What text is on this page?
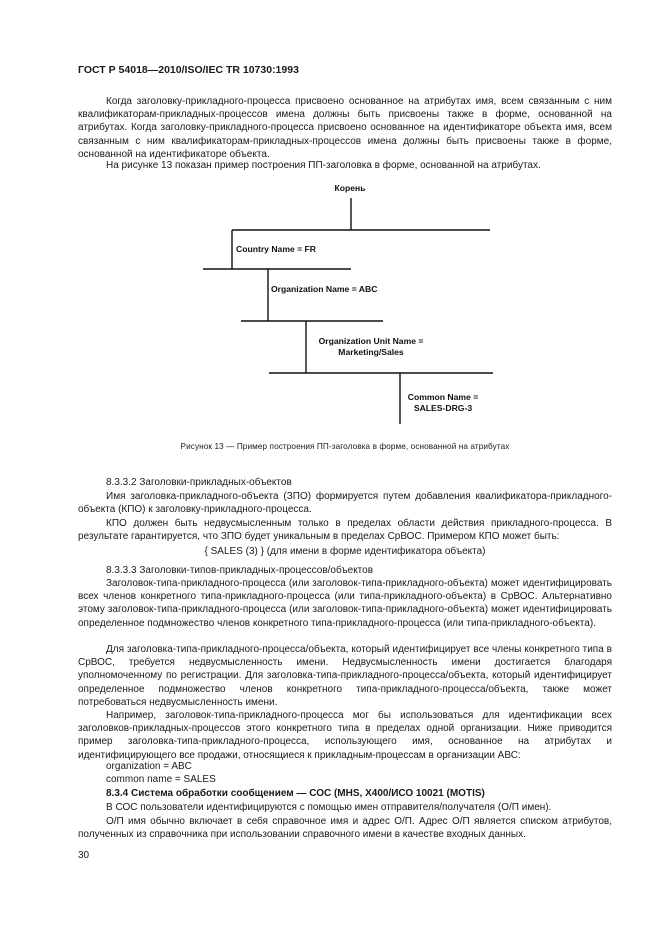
ГОСТ Р 54018—2010/ISO/IEC TR 10730:1993
Когда заголовку-прикладного-процесса присвоено основанное на атрибутах имя, всем связанным с ним квалификаторам-прикладных-процессов имена должны быть присвоены также в форме, основанной на атрибутах. Когда заголовку-прикладного-процесса присвоено основанное на идентификаторе объекта имя, всем связанным с ним квалификаторам-прикладных-процессов имена должны быть присвоены также в форме, основанной на идентификаторе объекта.
На рисунке 13 показан пример построения ПП-заголовка в форме, основанной на атрибутах.
Корень
Country Name = FR
Organization Name = ABC
Organization Unit Name =
Marketing/Sales
Common Name =
SALES-DRG-3
Рисунок 13 — Пример построения ПП-заголовка в форме, основанной на атрибутах
8.3.3.2 Заголовки-прикладных-объектов
Имя заголовка-прикладного-объекта (ЗПО) формируется путем добавления квалификатора-прикладного-объекта (КПО) к заголовку-прикладного-процесса.
КПО должен быть недвусмысленным только в пределах области действия прикладного-процесса. В результате гарантируется, что ЗПО будет уникальным в пределах СрВОС. Примером КПО может быть:
{ SALES (3) } (для имени в форме идентификатора объекта)
8.3.3.3 Заголовки-типов-прикладных-процессов/объектов
Заголовок-типа-прикладного-процесса (или заголовок-типа-прикладного-объекта) может идентифицировать всех членов конкретного типа-прикладного-процесса (или типа-прикладного-объекта) в СрВОС. Альтернативно этому заголовок-типа-прикладного-процесса (или заголовок-типа-прикладного-объекта) может идентифицировать определенное подмножество членов конкретного типа-прикладного-процесса (или типа-прикладного-объекта).
Для заголовка-типа-прикладного-процесса/объекта, который идентифицирует все члены конкретного типа в СрВОС, требуется недвусмысленность имени. Недвусмысленность имени достигается благодаря уполномоченному по регистрации. Для заголовка-типа-прикладного-процесса/объекта, который идентифицирует определенное подмножество членов конкретного типа-прикладного-процесса/объекта, также может потребоваться недвусмысленность имени.
Например, заголовок-типа-прикладного-процесса мог бы использоваться для идентификации всех заголовков-прикладных-процессов этого конкретного типа в пределах одной организации. Ниже приводится пример заголовка-типа-прикладного-процесса, использующего имя, основанное на атрибутах и идентифицирующего все продажи, относящиеся к прикладным-процессам в организации АВС:
organization = ABC
common name = SALES
8.3.4 Система обработки сообщением — СОС (MHS, X400/ИСО 10021 (MOTIS)
В СОС пользователи идентифицируются с помощью имен отправителя/получателя (О/П имен).
О/П имя обычно включает в себя справочное имя и адрес О/П. Адрес О/П является списком атрибутов, полученных из справочника при использовании справочного имени в качестве входных данных.
30
